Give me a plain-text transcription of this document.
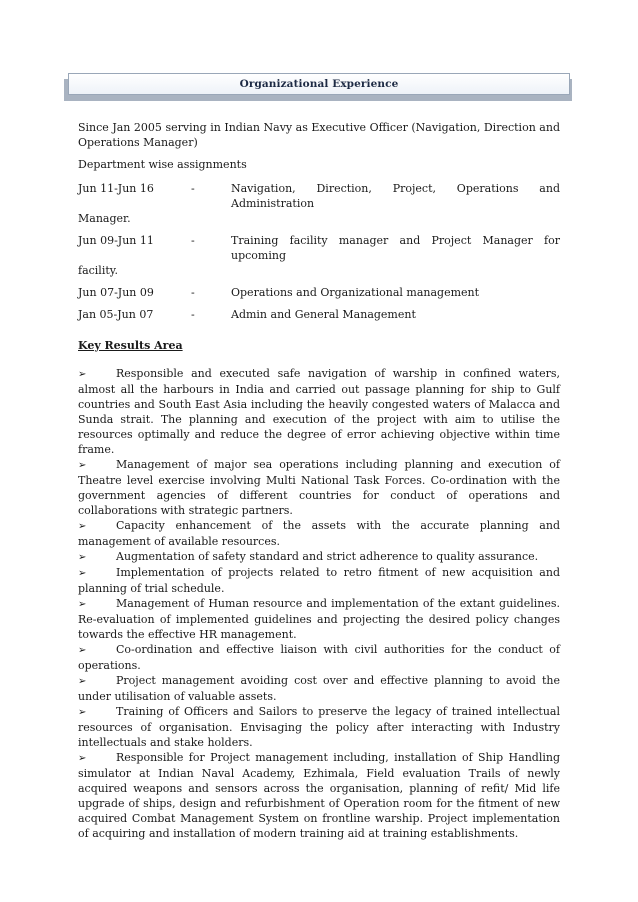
Organizational Experience

Since Jan 2005 serving in Indian Navy as Executive Officer (Navigation, Direction and Operations Manager)

Department wise assignments

Jun 11-Jun 16	-	Navigation, Direction, Project, Operations and Administration
Manager.
Jun 09-Jun 11	-	Training facility manager and Project Manager for upcoming
facility.
Jun 07-Jun 09	-	Operations and Organizational management
Jan 05-Jun 07	-	Admin and General Management
Key Results Area
➢	Responsible and executed safe navigation of warship in confined waters, almost all the harbours in India and carried out passage planning for ship to Gulf countries and South East Asia including the heavily congested waters of Malacca and Sunda strait. The planning and execution of the project with aim to utilise the resources optimally and reduce the degree of error achieving objective within time frame.
➢	Management of major sea operations including planning and execution of Theatre level exercise involving Multi National Task Forces. Co-ordination with the government agencies of different countries for conduct of operations and collaborations with strategic partners.
➢	Capacity enhancement of the assets with the accurate planning and management of available resources.
➢	Augmentation of safety standard and strict adherence to quality assurance.
➢	Implementation of projects related to retro fitment of new acquisition and planning of trial schedule.
➢	Management of Human resource and implementation of the extant guidelines. Re-evaluation of implemented guidelines and projecting the desired policy changes towards the effective HR management.
➢	Co-ordination and effective liaison with civil authorities for the conduct of operations.
➢	Project management avoiding cost over and effective planning to avoid the under utilisation of valuable assets.
➢	Training of Officers and Sailors to preserve the legacy of trained intellectual resources of organisation. Envisaging the policy after interacting with Industry intellectuals and stake holders.
➢	Responsible for Project management including, installation of Ship Handling simulator at Indian Naval Academy, Ezhimala, Field evaluation Trails of newly acquired weapons and sensors across the organisation, planning of refit/ Mid life upgrade of ships, design and refurbishment of Operation room for the fitment of new acquired Combat Management System on frontline warship. Project implementation of acquiring and installation of modern training aid at training establishments.
